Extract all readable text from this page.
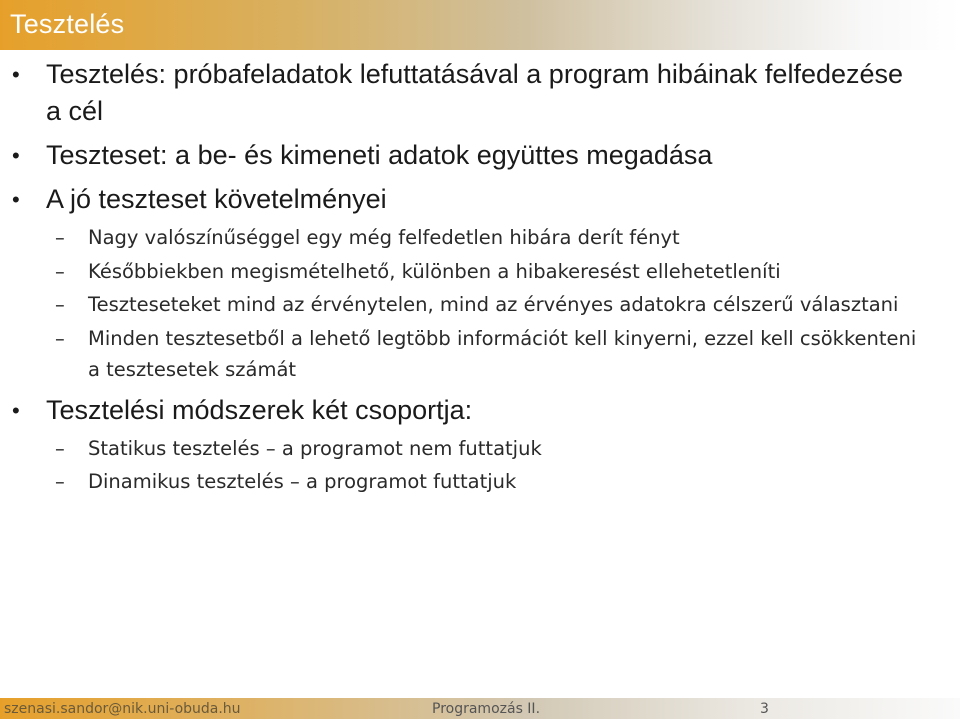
Tesztelés
• Tesztelés: próbafeladatok lefuttatásával a program hibáinak felfedezése a cél
• Teszteset: a be- és kimeneti adatok együttes megadása
• A jó teszteset követelményei
– Nagy valószínűséggel egy még felfedetlen hibára derít fényt
– Későbbiekben megismételhető, különben a hibakeresést ellehetetleníti
– Teszteseteket mind az érvénytelen, mind az érvényes adatokra célszerű választani
– Minden tesztesetből a lehető legtöbb információt kell kinyerni, ezzel kell csökkenteni a tesztesetek számát
• Tesztelési módszerek két csoportja:
– Statikus tesztelés – a programot nem futtatjuk
– Dinamikus tesztelés – a programot futtatjuk
szenasi.sandor@nik.uni-obuda.hu	Programozás II.	3
